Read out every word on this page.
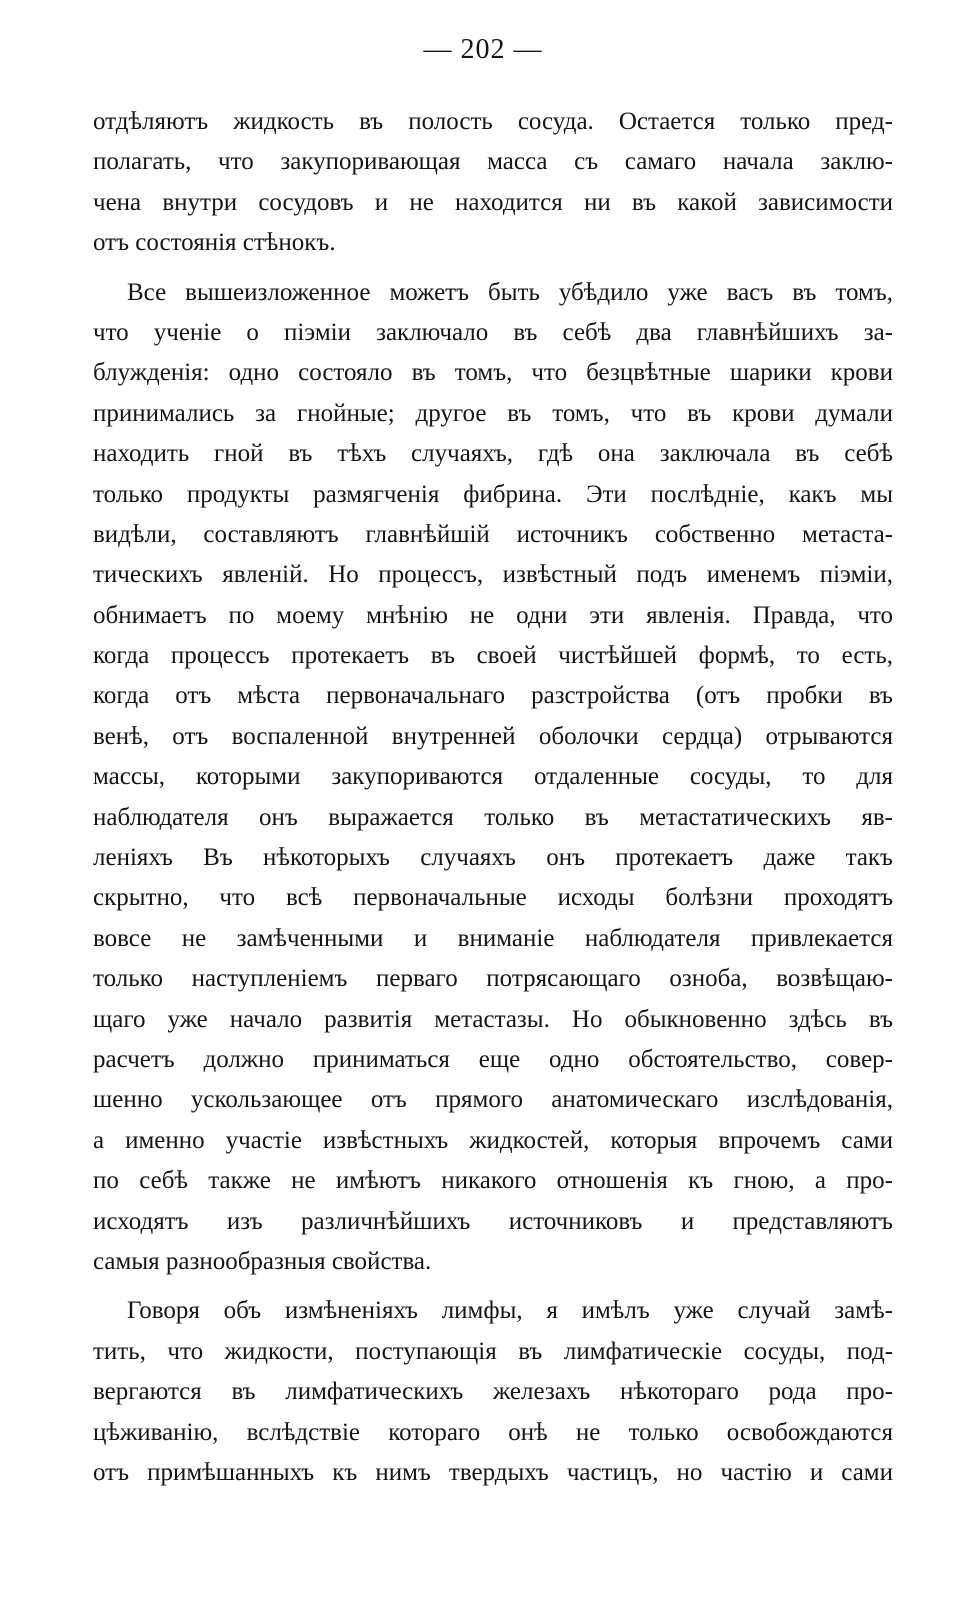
— 202 —
отдѣляютъ жидкость въ полость сосуда. Остается только пред-
полагать, что закупоривающая масса съ самаго начала заклю-
чена внутри сосудовъ и не находится ни въ какой зависимости
отъ состоянія стѣнокъ.
Все вышеизложенное можетъ быть убѣдило уже васъ въ томъ,
что ученіе о піэміи заключало въ себѣ два главнѣйшихъ за-
блужденія: одно состояло въ томъ, что безцвѣтные шарики крови
принимались за гнойные; другое въ томъ, что въ крови думали
находить гной въ тѣхъ случаяхъ, гдѣ она заключала въ себѣ
только продукты размягченія фибрина. Эти послѣдніе, какъ мы
видѣли, составляютъ главнѣйшій источникъ собственно метаста-
тическихъ явленій. Но процессъ, извѣстный подъ именемъ піэміи,
обнимаетъ по моему мнѣнію не одни эти явленія. Правда, что
когда процессъ протекаетъ въ своей чистѣйшей формѣ, то есть,
когда отъ мѣста первоначальнаго разстройства (отъ пробки въ
венѣ, отъ воспаленной внутренней оболочки сердца) отрываются
массы, которыми закупориваются отдаленные сосуды, то для
наблюдателя онъ выражается только въ метастатическихъ яв-
леніяхъ Въ нѣкоторыхъ случаяхъ онъ протекаетъ даже такъ
скрытно, что всѣ первоначальные исходы болѣзни проходятъ
вовсе не замѣченными и вниманіе наблюдателя привлекается
только наступленіемъ перваго потрясающаго озноба, возвѣщаю-
щаго уже начало развитія метастазы. Но обыкновенно здѣсь въ
расчетъ должно приниматься еще одно обстоятельство, совер-
шенно ускользающее отъ прямого анатомическаго изслѣдованія,
а именно участіе извѣстныхъ жидкостей, которыя впрочемъ сами
по себѣ также не имѣютъ никакого отношенія къ гною, а про-
исходятъ изъ различнѣйшихъ источниковъ и представляютъ
самыя разнообразныя свойства.
Говоря объ измѣненіяхъ лимфы, я имѣлъ уже случай замѣ-
тить, что жидкости, поступающія въ лимфатическіе сосуды, под-
вергаются въ лимфатическихъ железахъ нѣкотораго рода про-
цѣживанію, вслѣдствіе котораго онѣ не только освобождаются
отъ примѣшанныхъ къ нимъ твердыхъ частицъ, но частію и сами
